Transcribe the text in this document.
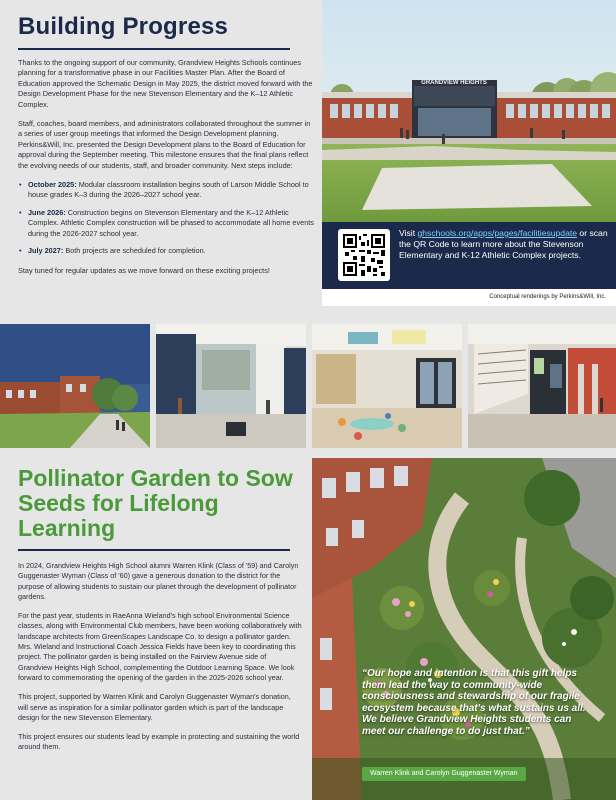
Building Progress

Thanks to the ongoing support of our community, Grandview Heights Schools continues planning for a transformative phase in our Facilities Master Plan. After the Board of Education approved the Schematic Design in May 2025, the district moved forward with the Design Development Phase for the new Stevenson Elementary and the K–12 Athletic Complex.

Staff, coaches, board members, and administrators collaborated throughout the summer in a series of user group meetings that informed the Design Development planning. Perkins&Will, Inc. presented the Design Development plans to the Board of Education for approval during the September meeting. This milestone ensures that the final plans reflect the evolving needs of our students, staff, and broader community. Next steps include:

• October 2025: Modular classroom installation begins south of Larson Middle School to house grades K–3 during the 2026–2027 school year.
• June 2026: Construction begins on Stevenson Elementary and the K–12 Athletic Complex. Athletic Complex construction will be phased to accommodate all home events during the 2026-2027 school year.
• July 2027: Both projects are scheduled for completion.

Stay tuned for regular updates as we move forward on these exciting projects!

GRANDVIEW HEIGHTS
Visit ghschools.org/apps/pages/facilitiesupdate or scan the QR Code to learn more about the Stevenson Elementary and K-12 Athletic Complex projects.
Conceptual renderings by Perkins&Will, Inc.
Pollinator Garden to Sow Seeds for Lifelong Learning

In 2024, Grandview Heights High School alumni Warren Klink (Class of '59) and Carolyn Guggenaster Wyman (Class of '60) gave a generous donation to the district for the purpose of allowing students to sustain our planet through the development of pollinator gardens.

For the past year, students in RaeAnna Wieland's high school Environmental Science classes, along with Environmental Club members, have been working collaboratively with landscape architects from GreenScapes Landscape Co. to design a pollinator garden. Mrs. Wieland and Instructional Coach Jessica Fields have been key to coordinating this project. The pollinator garden is being installed on the Fairview Avenue side of Grandview Heights High School, complementing the Outdoor Learning Space. We look forward to commemorating the opening of the garden in the 2025-2026 school year.

This project, supported by Warren Klink and Carolyn Guggenaster Wyman's donation, will serve as inspiration for a similar pollinator garden which is part of the landscape design for the new Stevenson Elementary.

This project ensures our students lead by example in protecting and sustaining the world around them.

“Our hope and intention is that this gift helps them lead the way to community-wide consciousness and stewardship of our fragile ecosystem because that's what sustains us all. We believe Grandview Heights students can meet our challenge to do just that.”
Warren Klink and Carolyn Guggenaster Wyman
